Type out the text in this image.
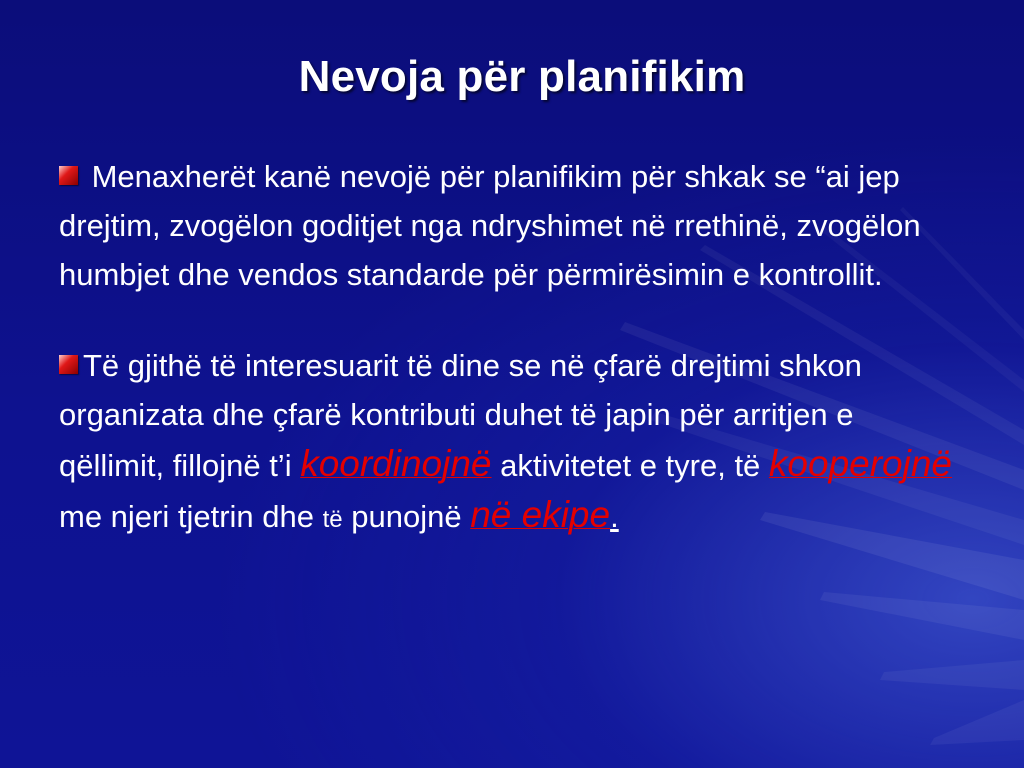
Nevoja për planifikim

Menaxherët kanë nevojë për planifikim për shkak se “ai jep drejtim, zvogëlon goditjet nga ndryshimet në rrethinë, zvogëlon humbjet dhe vendos standarde për përmirësimin e kontrollit.

Të gjithë të interesuarit të dine se në çfarë drejtimi shkon organizata dhe çfarë kontributi duhet të japin për arritjen e qëllimit, fillojnë t’i koordinojnë aktivitetet e tyre, të kooperojnë me njeri tjetrin dhe të punojnë në ekipe.
